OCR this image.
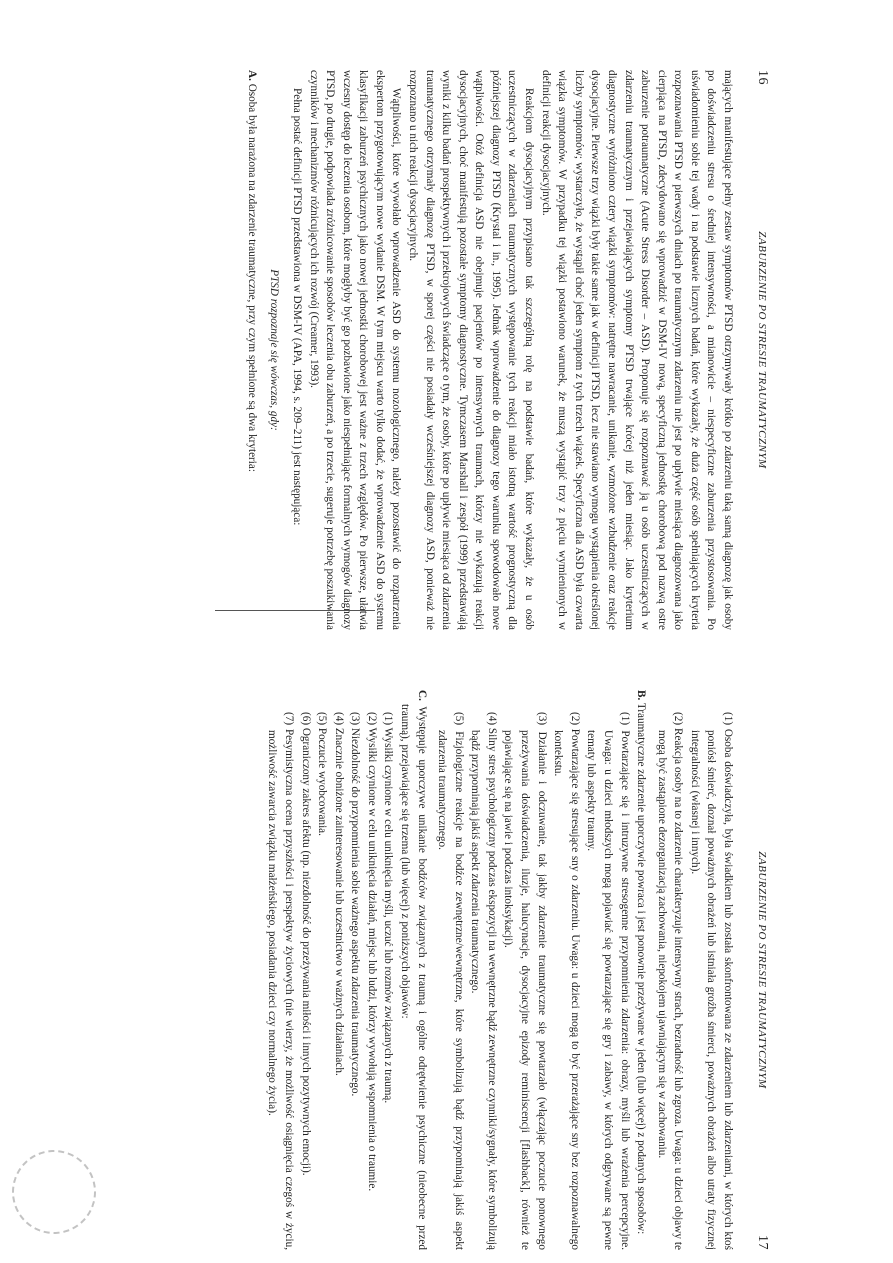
16
ZABURZENIE PO STRESIE TRAUMATYCZNYM

mających manifestujące pełny zestaw symptomów PTSD otrzymywały krótko po zdarzeniu taką samą diagnozę jak osoby po doświadczeniu stresu o średniej intensywności, a mianowicie – niespecyficzne zaburzenia przystosowania. Po uświadomieniu sobie tej wady i na podstawie licznych badań, które wykazały, że duża część osób spełniających kryteria rozpoznawania PTSD w pierwszych dniach po traumatycznym zdarzeniu nie jest po upływie miesiąca diagnozowana jako cierpiąca na PTSD, zdecydowano się wprowadzić w DSM-IV nową, specyficzną jednostkę chorobową pod nazwą ostre zaburzenie potraumatyczne (Acute Stress Disorder – ASD). Proponuje się rozpoznawać ją u osób uczestniczących w zdarzeniu traumatycznym i przejawiających symptomy PTSD trwające krócej niż jeden miesiąc. Jako kryterium diagnostyczne wyróżniono cztery wiązki symptomów: natrętne nawracanie, unikanie, wzmożone wzbudzenie oraz reakcje dysocjacyjne. Pierwsze trzy wiązki były takie same jak w definicji PTSD, lecz nie stawiano wymogu wystąpienia określonej liczby symptomów; wystarczyło, że wystąpił choć jeden symptom z tych trzech wiązek. Specyficzna dla ASD była czwarta wiązka symptomów. W przypadku tej wiązki postawiono warunek, że muszą wystąpić trzy z pięciu wymienionych w definicji reakcji dysocjacyjnych.

Reakcjom dysocjacyjnym przypisano tak szczególną rolę na podstawie badań, które wykazały, że u osób uczestniczących w zdarzeniach traumatycznych występowanie tych reakcji miało istotną wartość prognostyczną dla późniejszej diagnozy PTSD (Krystal i in., 1995). Jednak wprowadzenie do diagnozy tego warunku spowodowało nowe wątpliwości. Otóż definicja ASD nie obejmuje pacjentów po intensywnych traumach, którzy nie wykazują reakcji dysocjacyjnych, choć manifestują pozostałe symptomy diagnostyczne. Tymczasem Marshall i zespół (1999) przedstawiają wyniki z kilku badań prospektywnych i przekrojowych świadczące o tym, że osoby, które po upływie miesiąca od zdarzenia traumatycznego otrzymały diagnozę PTSD, w sporej części nie posiadały wcześniejszej diagnozy ASD, ponieważ nie rozpoznano u nich reakcji dysocjacyjnych.

Wątpliwości, które wywołało wprowadzenie ASD do systemu nozologicznego, należy pozostawić do rozpatrzenia ekspertom przygotowującym nowe wydanie DSM. W tym miejscu warto tylko dodać, że wprowadzenie ASD do systemu klasyfikacji zaburzeń psychicznych jako nowej jednostki chorobowej jest ważne z trzech względów. Po pierwsze, ułatwia wczesny dostęp do leczenia osobom, które mogłyby być go pozbawione jako niespełniające formalnych wymogów diagnozy PTSD, po drugie, podpowiada zróżnicowanie sposobów leczenia obu zaburzeń, a po trzecie, sugeruje potrzebę poszukiwania czynników i mechanizmów różnicujących ich rozwój (Creamer, 1993).

Pełna postać definicji PTSD przedstawiona w DSM-IV (APA, 1994, s. 209–211) jest następująca:

PTSD rozpoznaje się wówczas, gdy:

A. Osoba była narażona na zdarzenie traumatyczne, przy czym spełnione są dwa kryteria:
ZABURZENIE PO STRESIE TRAUMATYCZNYM
17
(1) Osoba doświadczyła, była świadkiem lub została skonfrontowana ze zdarzeniem lub zdarzeniami, w których ktoś poniósł śmierć, doznał poważnych obrażeń lub istniała groźba śmierci, poważnych obrażeń albo utraty fizycznej integralności (własnej i innych).
(2) Reakcja osoby na to zdarzenie charakteryzuje intensywny strach, bezradność lub zgroza. Uwaga: u dzieci objawy te mogą być zastąpione dezorganizacją zachowania, niepokojem ujawniającym się w zachowaniu.
B. Traumatyczne zdarzenie uporczywie powraca i jest ponownie przeżywane w jeden (lub więcej) z podanych sposobów:
(1) Powtarzające się i intruzywne stresogenne przypomnienia zdarzenia: obrazy, myśli lub wrażenia percepcyjne. Uwaga: u dzieci młodszych mogą pojawiać się powtarzające się gry i zabawy, w których odgrywane są pewne tematy lub aspekty traumy.
(2) Powtarzające się stresujące sny o zdarzeniu. Uwaga: u dzieci mogą to być przerażające sny bez rozpoznawalnego kontekstu.
(3) Działanie i odczuwanie, tak jakby zdarzenie traumatyczne się powtarzało (włączając poczucie ponownego przeżywania doświadczenia, iluzje, halucynacje, dysocjacyjne epizody reminiscencji [flashback], również te pojawiające się na jawie i podczas intoksykacji).
(4) Silny stres psychologiczny podczas ekspozycji na wewnętrzne bądź zewnętrzne czynniki/sygnały, które symbolizują bądź przypominają jakiś aspekt zdarzenia traumatycznego.
(5) Fizjologiczne reakcje na bodźce zewnętrzne/wewnętrzne, które symbolizują bądź przypominają jakiś aspekt zdarzenia traumatycznego.
C. Występuje uporczywe unikanie bodźców związanych z traumą i ogólne odrętwienie psychiczne (nieobecne przed traumą), przejawiające się trzema (lub więcej) z poniższych objawów:
(1) Wysiłki czynione w celu uniknięcia myśli, uczuć lub rozmów związanych z traumą.
(2) Wysiłki czynione w celu uniknięcia działań, miejsc lub ludzi, którzy wywołują wspomnienia o traumie.
(3) Niezdolność do przypomnienia sobie ważnego aspektu zdarzenia traumatycznego.
(4) Znacznie obniżone zainteresowanie lub uczestnictwo w ważnych działaniach.
(5) Poczucie wyobcowania.
(6) Ograniczony zakres afektu (np. niezdolność do przeżywania miłości i innych pozytywnych emocji).
(7) Pesymistyczna ocena przyszłości i perspektyw życiowych (nie wierzy, że możliwość osiągnięcia czegoś w życiu, możliwość zawarcia związku małżeńskiego, posiadania dzieci czy normalnego życia).
